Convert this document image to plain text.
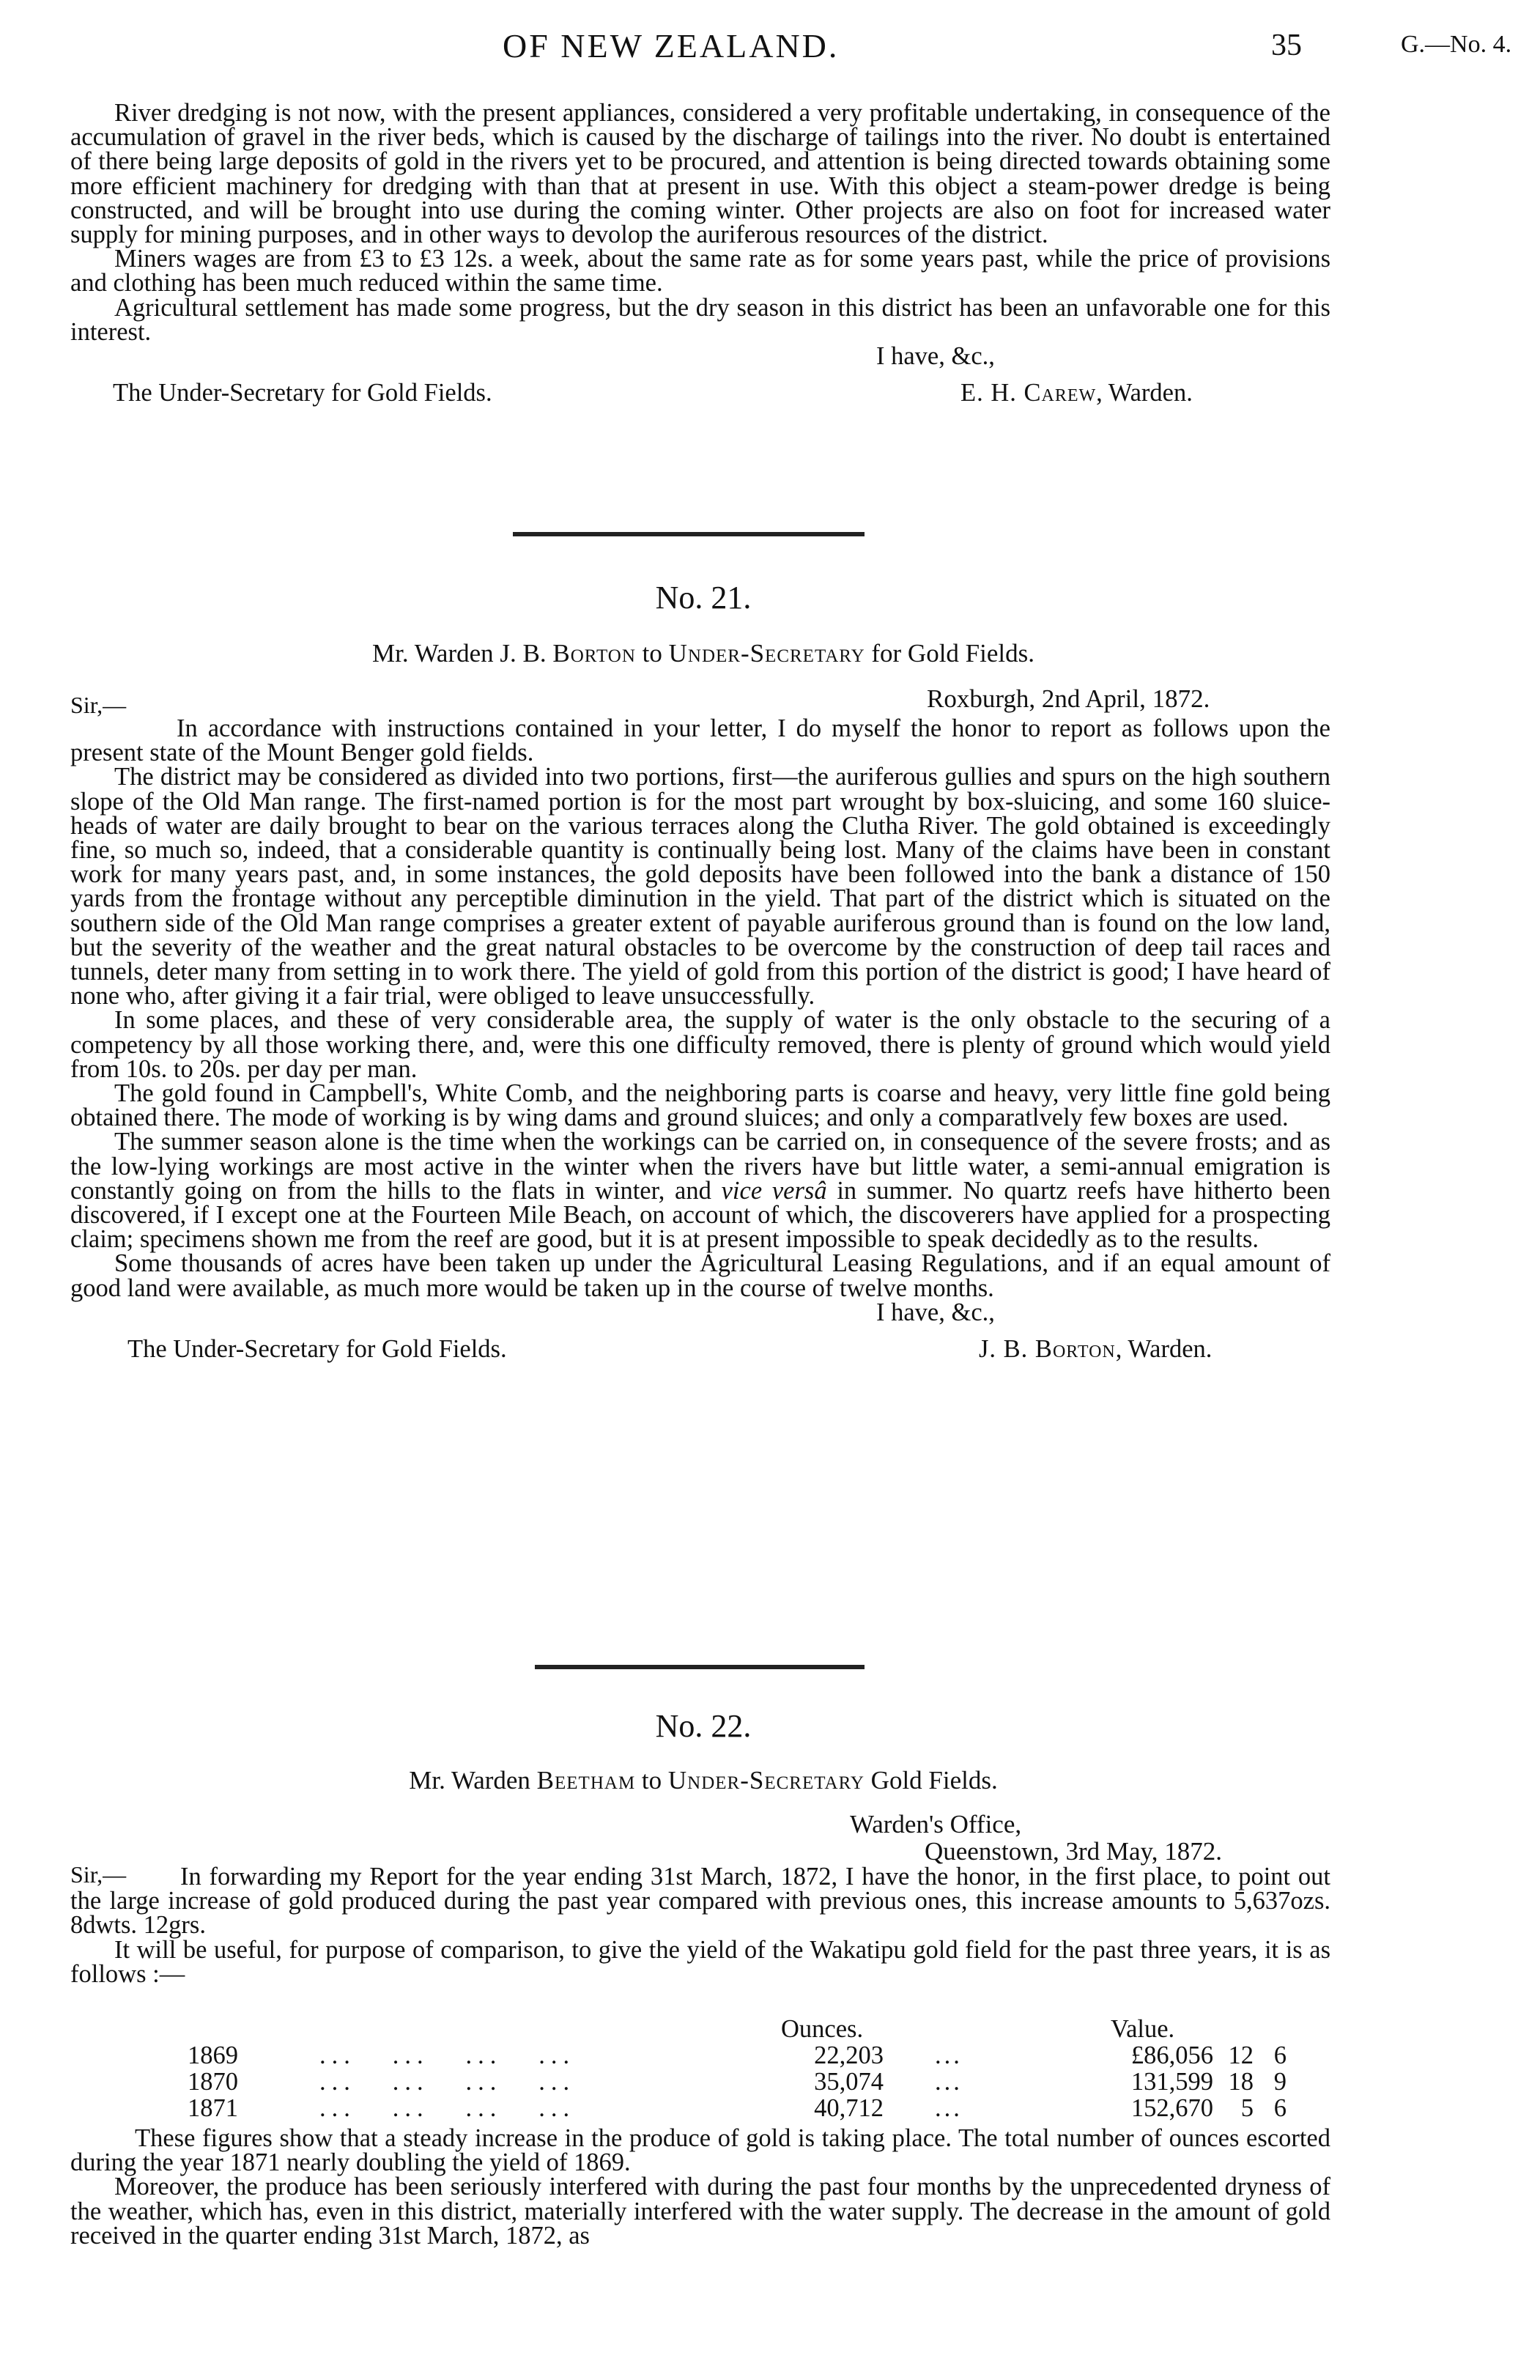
OF NEW ZEALAND.	35	G.—No. 4.

River dredging is not now, with the present appliances, considered a very profitable undertaking, in consequence of the accumulation of gravel in the river beds, which is caused by the discharge of tailings into the river. No doubt is entertained of there being large deposits of gold in the rivers yet to be procured, and attention is being directed towards obtaining some more efficient machinery for dredging with than that at present in use. With this object a steam-power dredge is being constructed, and will be brought into use during the coming winter. Other projects are also on foot for increased water supply for mining purposes, and in other ways to devolop the auriferous resources of the district.

Miners wages are from £3 to £3 12s. a week, about the same rate as for some years past, while the price of provisions and clothing has been much reduced within the same time.

Agricultural settlement has made some progress, but the dry season in this district has been an unfavorable one for this interest.

I have, &c.,
The Under-Secretary for Gold Fields.	E. H. Carew, Warden.
No. 21.
Mr. Warden J. B. Borton to Under-Secretary for Gold Fields.
Sir,—	Roxburgh, 2nd April, 1872.

In accordance with instructions contained in your letter, I do myself the honor to report as follows upon the present state of the Mount Benger gold fields.

The district may be considered as divided into two portions, first—the auriferous gullies and spurs on the high southern slope of the Old Man range. The first-named portion is for the most part wrought by box-sluicing, and some 160 sluice-heads of water are daily brought to bear on the various terraces along the Clutha River. The gold obtained is exceedingly fine, so much so, indeed, that a considerable quantity is continually being lost. Many of the claims have been in constant work for many years past, and, in some instances, the gold deposits have been followed into the bank a distance of 150 yards from the frontage without any perceptible diminution in the yield. That part of the district which is situated on the southern side of the Old Man range comprises a greater extent of payable auriferous ground than is found on the low land, but the severity of the weather and the great natural obstacles to be overcome by the construction of deep tail races and tunnels, deter many from setting in to work there. The yield of gold from this portion of the district is good; I have heard of none who, after giving it a fair trial, were obliged to leave unsuccessfully.

In some places, and these of very considerable area, the supply of water is the only obstacle to the securing of a competency by all those working there, and, were this one difficulty removed, there is plenty of ground which would yield from 10s. to 20s. per day per man.

The gold found in Campbell's, White Comb, and the neighboring parts is coarse and heavy, very little fine gold being obtained there. The mode of working is by wing dams and ground sluices; and only a comparatlvely few boxes are used.

The summer season alone is the time when the workings can be carried on, in consequence of the severe frosts; and as the low-lying workings are most active in the winter when the rivers have but little water, a semi-annual emigration is constantly going on from the hills to the flats in winter, and vice versâ in summer. No quartz reefs have hitherto been discovered, if I except one at the Fourteen Mile Beach, on account of which, the discoverers have applied for a prospecting claim; specimens shown me from the reef are good, but it is at present impossible to speak decidedly as to the results.

Some thousands of acres have been taken up under the Agricultural Leasing Regulations, and if an equal amount of good land were available, as much more would be taken up in the course of twelve months.

I have, &c.,
The Under-Secretary for Gold Fields.	J. B. Borton, Warden.
No. 22.
Mr. Warden Beetham to Under-Secretary Gold Fields.
Warden's Office,
Queenstown, 3rd May, 1872.
Sir,—	In forwarding my Report for the year ending 31st March, 1872, I have the honor, in the first place, to point out the large increase of gold produced during the past year compared with previous ones, this increase amounts to 5,637ozs. 8dwts. 12grs.

It will be useful, for purpose of comparison, to give the yield of the Wakatipu gold field for the past three years, it is as follows :—

Ounces.	Value.
1869	...   ...   ...   ...	22,203 ...	£86,056 12 6
1870	...   ...   ...   ...	35,074 ...	131,599 18 9
1871	...   ...   ...   ...	40,712 ...	152,670	5 6

These figures show that a steady increase in the produce of gold is taking place. The total number of ounces escorted during the year 1871 nearly doubling the yield of 1869.

Moreover, the produce has been seriously interfered with during the past four months by the unprecedented dryness of the weather, which has, even in this district, materially interfered with the water supply. The decrease in the amount of gold received in the quarter ending 31st March, 1872, as
